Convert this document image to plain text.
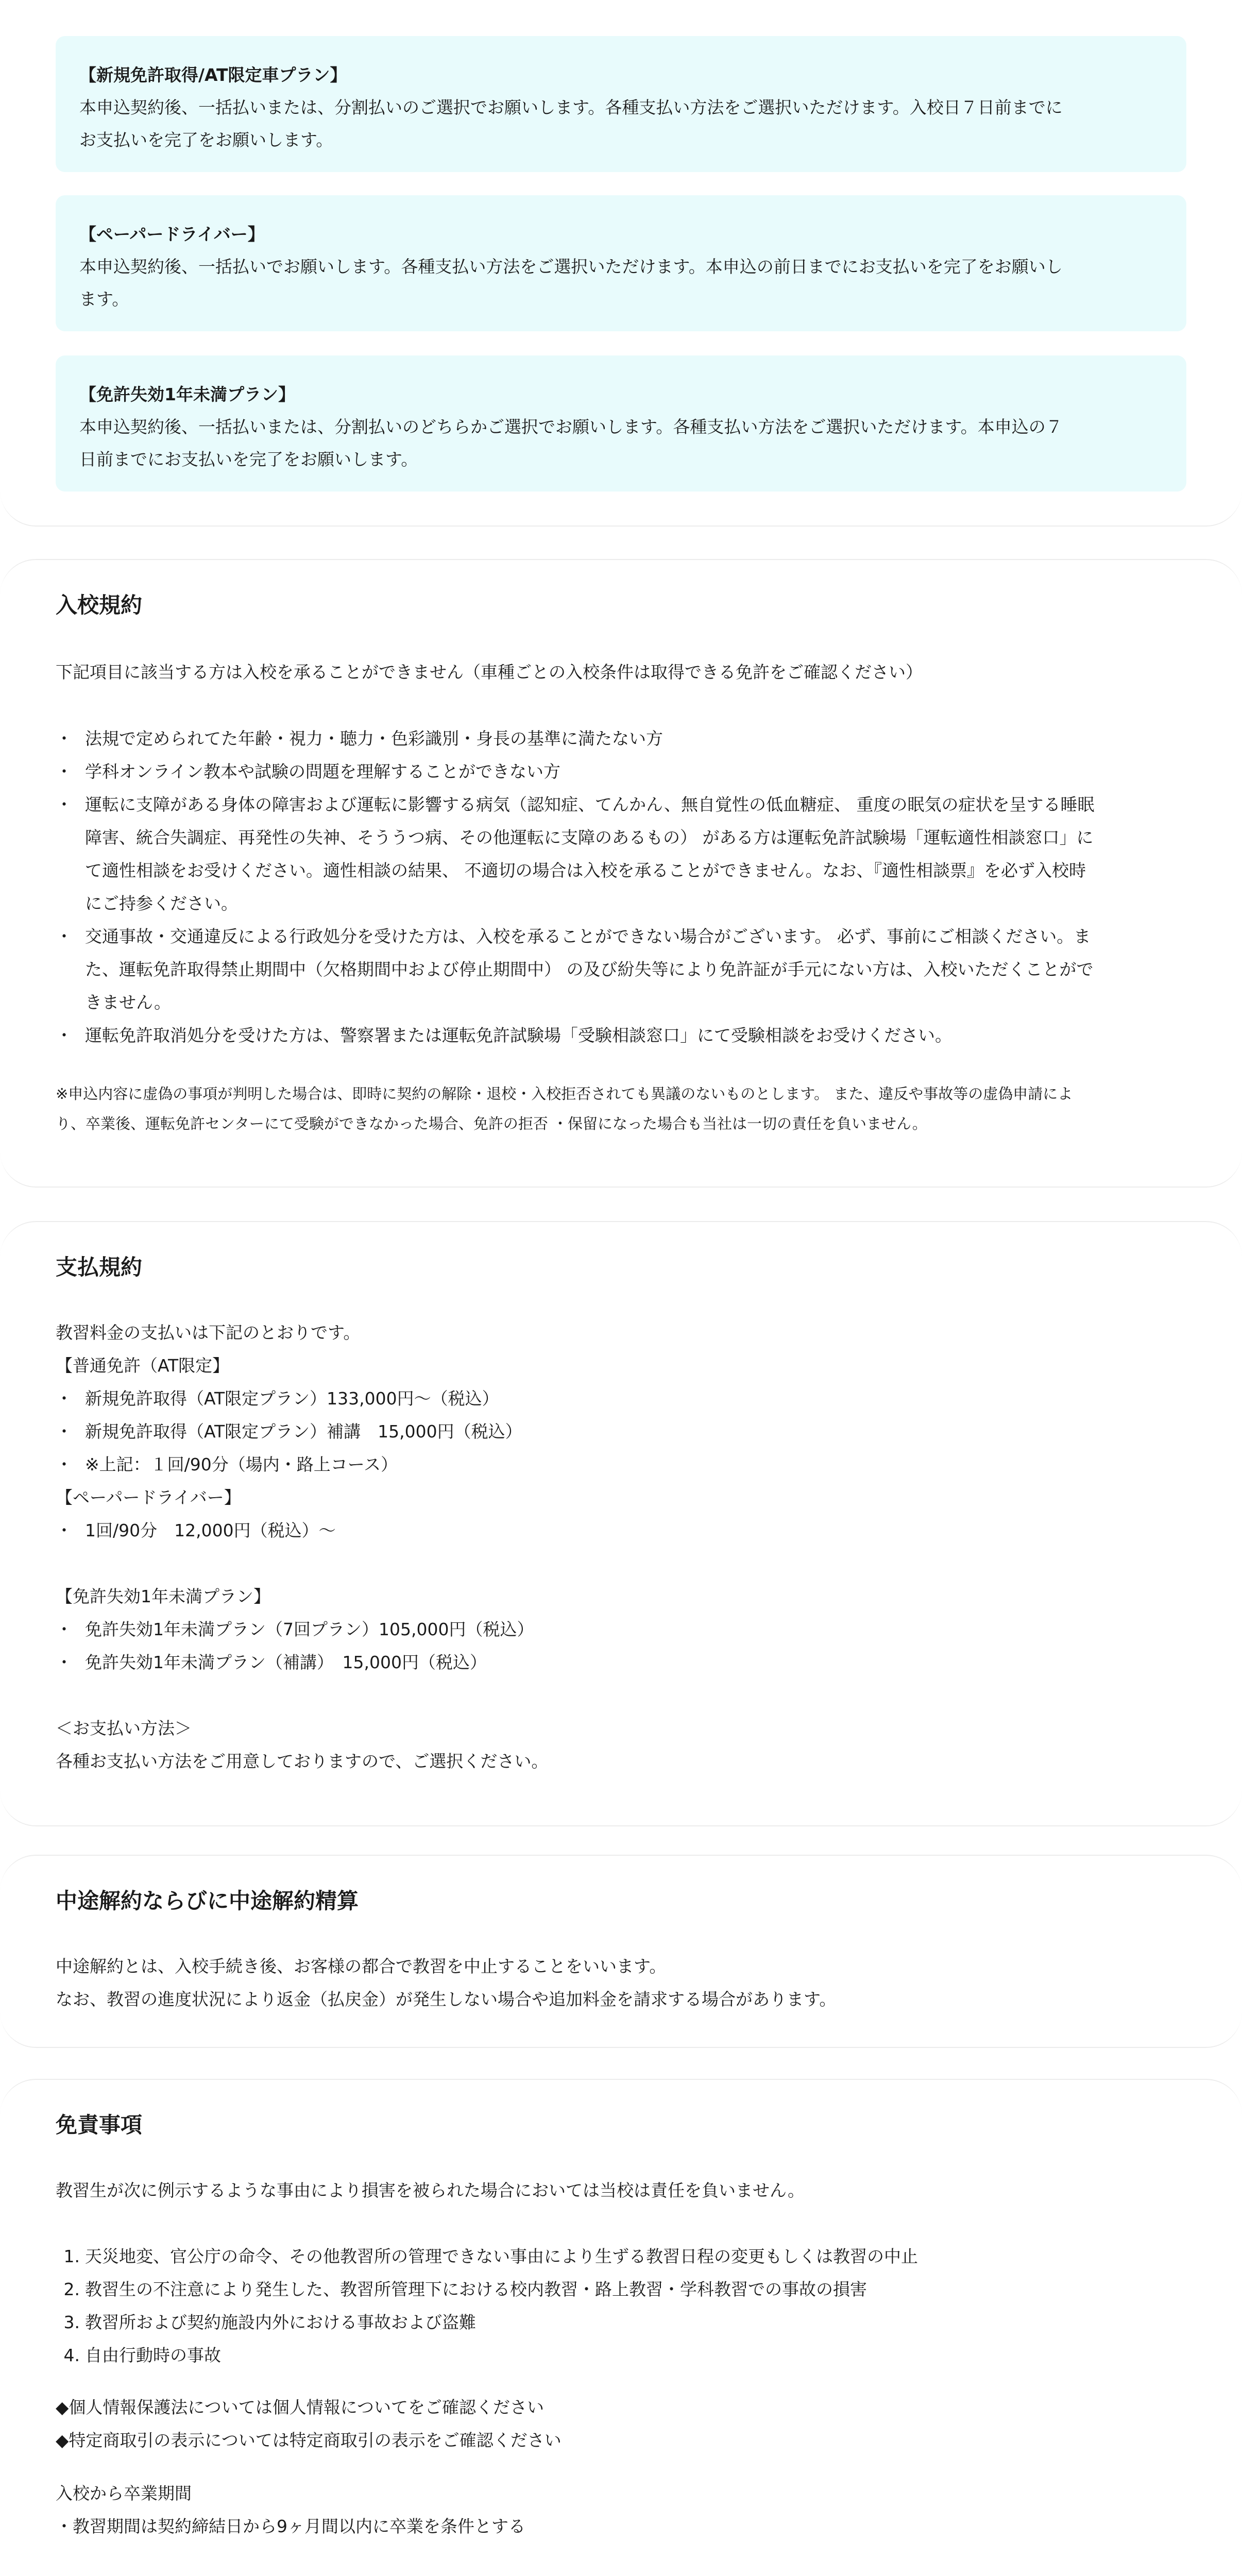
【新規免許取得/AT限定車プラン】
本申込契約後、一括払いまたは、分割払いのご選択でお願いします。各種支払い方法をご選択いただけます。入校日７日前までに
お支払いを完了をお願いします。
【ペーパードライバー】
本申込契約後、一括払いでお願いします。各種支払い方法をご選択いただけます。本申込の前日までにお支払いを完了をお願いし
ます。
【免許失効1年未満プラン】
本申込契約後、一括払いまたは、分割払いのどちらかご選択でお願いします。各種支払い方法をご選択いただけます。本申込の７
日前までにお支払いを完了をお願いします。
入校規約
下記項目に該当する方は入校を承ることができません（車種ごとの入校条件は取得できる免許をご確認ください）
・ 法規で定められてた年齢・視力・聴力・色彩識別・身長の基準に満たない方
・ 学科オンライン教本や試験の問題を理解することができない方
・ 運転に支障がある身体の障害および運転に影響する病気（認知症、てんかん、無自覚性の低血糖症、 重度の眠気の症状を呈する睡眠
障害、統合失調症、再発性の失神、そううつ病、その他運転に支障のあるもの） がある方は運転免許試験場「運転適性相談窓口」に
て適性相談をお受けください。適性相談の結果、 不適切の場合は入校を承ることができません。なお、『適性相談票』を必ず入校時
にご持参ください。
・ 交通事故・交通違反による行政処分を受けた方は、入校を承ることができない場合がございます。 必ず、事前にご相談ください。ま
た、運転免許取得禁止期間中（欠格期間中および停止期間中） の及び紛失等により免許証が手元にない方は、入校いただくことがで
きません。
・ 運転免許取消処分を受けた方は、警察署または運転免許試験場「受験相談窓口」にて受験相談をお受けください。
※申込内容に虚偽の事項が判明した場合は、即時に契約の解除・退校・入校拒否されても異議のないものとします。 また、違反や事故等の虚偽申請によ
り、卒業後、運転免許センターにて受験ができなかった場合、免許の拒否 ・保留になった場合も当社は一切の責任を負いません。
支払規約
教習料金の支払いは下記のとおりです。
【普通免許（AT限定】
・ 新規免許取得（AT限定プラン）133,000円～（税込）
・ 新規免許取得（AT限定プラン）補講　15,000円（税込）
・ ※上記：１回/90分（場内・路上コース）
【ペーパードライバー】
・ 1回/90分　12,000円（税込）～
【免許失効1年未満プラン】
・ 免許失効1年未満プラン（7回プラン）105,000円（税込）
・ 免許失効1年未満プラン（補講）　15,000円（税込）
＜お支払い方法＞
各種お支払い方法をご用意しておりますので、ご選択ください。
中途解約ならびに中途解約精算
中途解約とは、入校手続き後、お客様の都合で教習を中止することをいいます。
なお、教習の進度状況により返金（払戻金）が発生しない場合や追加料金を請求する場合があります。
免責事項
教習生が次に例示するような事由により損害を被られた場合においては当校は責任を負いません。
1. 天災地変、官公庁の命令、その他教習所の管理できない事由により生ずる教習日程の変更もしくは教習の中止
2. 教習生の不注意により発生した、教習所管理下における校内教習・路上教習・学科教習での事故の損害
3. 教習所および契約施設内外における事故および盗難
4. 自由行動時の事故
◆個人情報保護法については個人情報についてをご確認ください
◆特定商取引の表示については特定商取引の表示をご確認ください
入校から卒業期間
・教習期間は契約締結日から9ヶ月間以内に卒業を条件とする
